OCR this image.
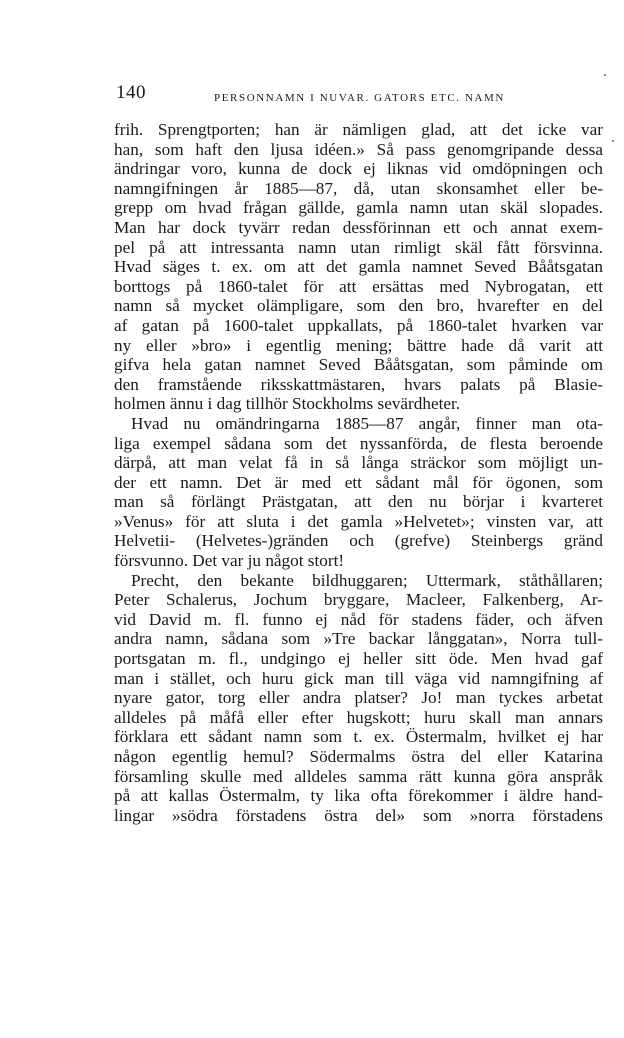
140	PERSONNAMN I NUVAR. GATORS ETC. NAMN
frih. Sprengtporten; han är nämligen glad, att det icke var
han, som haft den ljusa idéen.» Så pass genomgripande dessa
ändringar voro, kunna de dock ej liknas vid omdöpningen och
namngifningen år 1885—87, då, utan skonsamhet eller be-
grepp om hvad frågan gällde, gamla namn utan skäl slopades.
Man har dock tyvärr redan dessförinnan ett och annat exem-
pel på att intressanta namn utan rimligt skäl fått försvinna.
Hvad säges t. ex. om att det gamla namnet Seved Bååtsgatan
borttogs på 1860-talet för att ersättas med Nybrogatan, ett
namn så mycket olämpligare, som den bro, hvarefter en del
af gatan på 1600-talet uppkallats, på 1860-talet hvarken var
ny eller »bro» i egentlig mening; bättre hade då varit att
gifva hela gatan namnet Seved Bååtsgatan, som påminde om
den framstående riksskattmästaren, hvars palats på Blasie-
holmen ännu i dag tillhör Stockholms sevärdheter.
Hvad nu omändringarna 1885—87 angår, finner man ota-
liga exempel sådana som det nyssanförda, de flesta beroende
därpå, att man velat få in så långa sträckor som möjligt un-
der ett namn. Det är med ett sådant mål för ögonen, som
man så förlängt Prästgatan, att den nu börjar i kvarteret
»Venus» för att sluta i det gamla »Helvetet»; vinsten var, att
Helvetii- (Helvetes-)gränden och (grefve) Steinbergs gränd
försvunno. Det var ju något stort!
Precht, den bekante bildhuggaren; Uttermark, ståthållaren;
Peter Schalerus, Jochum bryggare, Macleer, Falkenberg, Ar-
vid David m. fl. funno ej nåd för stadens fäder, och äfven
andra namn, sådana som »Tre backar långgatan», Norra tull-
portsgatan m. fl., undgingo ej heller sitt öde. Men hvad gaf
man i stället, och huru gick man till väga vid namngifning af
nyare gator, torg eller andra platser? Jo! man tyckes arbetat
alldeles på måfå eller efter hugskott; huru skall man annars
förklara ett sådant namn som t. ex. Östermalm, hvilket ej har
någon egentlig hemul? Södermalms östra del eller Katarina
församling skulle med alldeles samma rätt kunna göra anspråk
på att kallas Östermalm, ty lika ofta förekommer i äldre hand-
lingar »södra förstadens östra del» som »norra förstadens
